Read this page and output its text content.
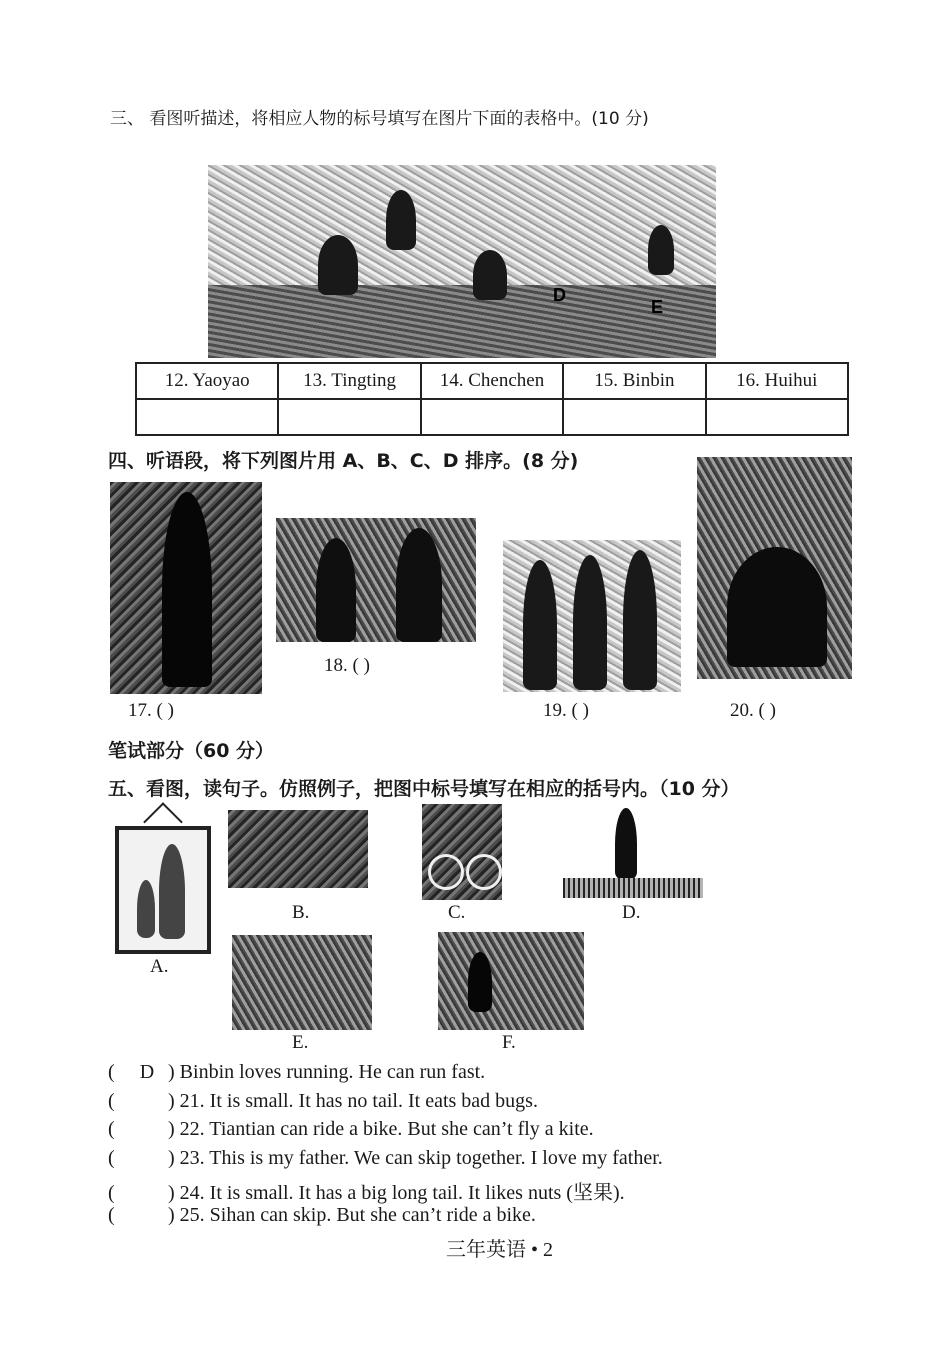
三、 看图听描述，将相应人物的标号填写在图片下面的表格中。(10 分)
D
E
12. Yaoyao	13. Tingting	14. Chenchen	15. Binbin	16. Huihui

四、听语段，将下列图片用 A、B、C、D 排序。(8 分)
17. ( )
18. ( )
19. ( )	20. ( )
笔试部分（60 分）
五、看图，读句子。仿照例子，把图中标号填写在相应的括号内。（10 分）
A.
B.	C.	D.
E.	F.
( D ) Binbin loves running. He can run fast.
(	) 21. It is small. It has no tail. It eats bad bugs.
(	) 22. Tiantian can ride a bike. But she can’t fly a kite.
(	) 23. This is my father. We can skip together. I love my father.
(	) 24. It is small. It has a big long tail. It likes nuts (坚果).
(	) 25. Sihan can skip. But she can’t ride a bike.
三年英语 • 2
